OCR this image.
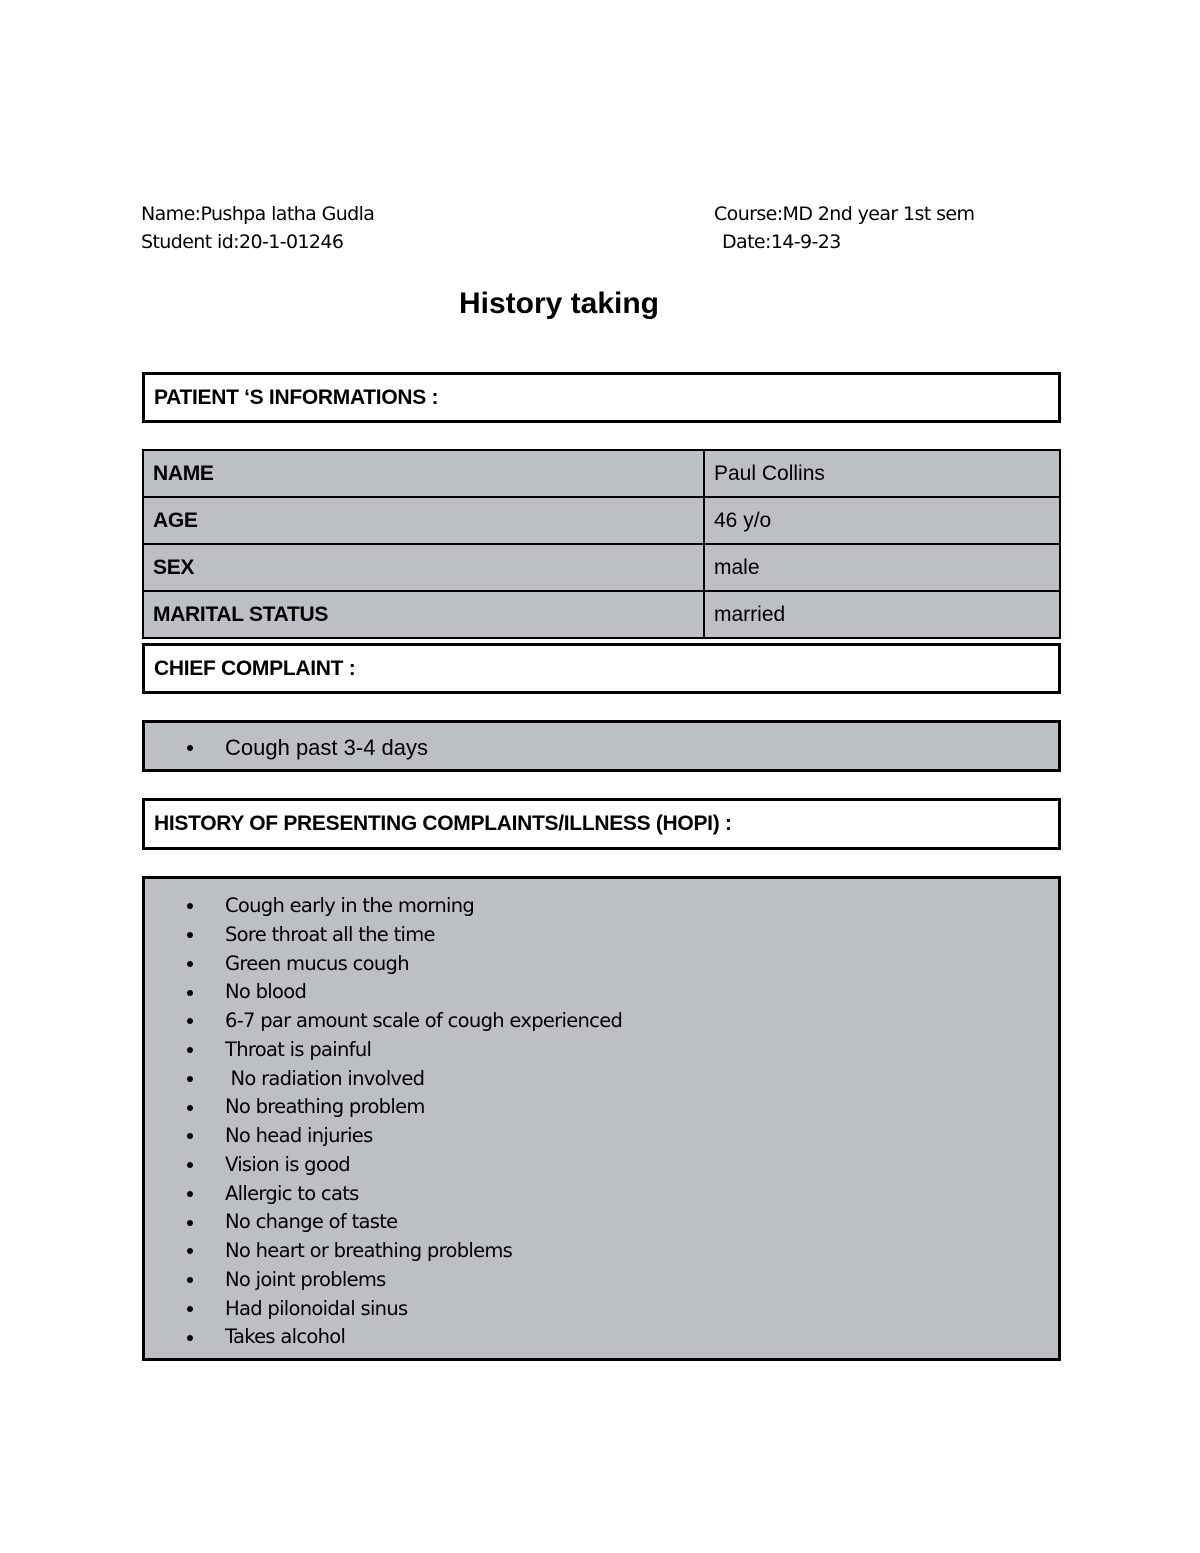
Name:Pushpa latha Gudla
Student id:20-1-01246
Course:MD 2nd year 1st sem
Date:14-9-23
History taking
PATIENT ‘S INFORMATIONS :
NAME	Paul Collins
AGE	46 y/o
SEX	male
MARITAL STATUS	married
CHIEF COMPLAINT :
Cough past 3-4 days
HISTORY OF PRESENTING COMPLAINTS/ILLNESS (HOPI) :
Cough early in the morning
Sore throat all the time
Green mucus cough
No blood
6-7 par amount scale of cough experienced
Throat is painful
No radiation involved
No breathing problem
No head injuries
Vision is good
Allergic to cats
No change of taste
No heart or breathing problems
No joint problems
Had pilonoidal sinus
Takes alcohol
